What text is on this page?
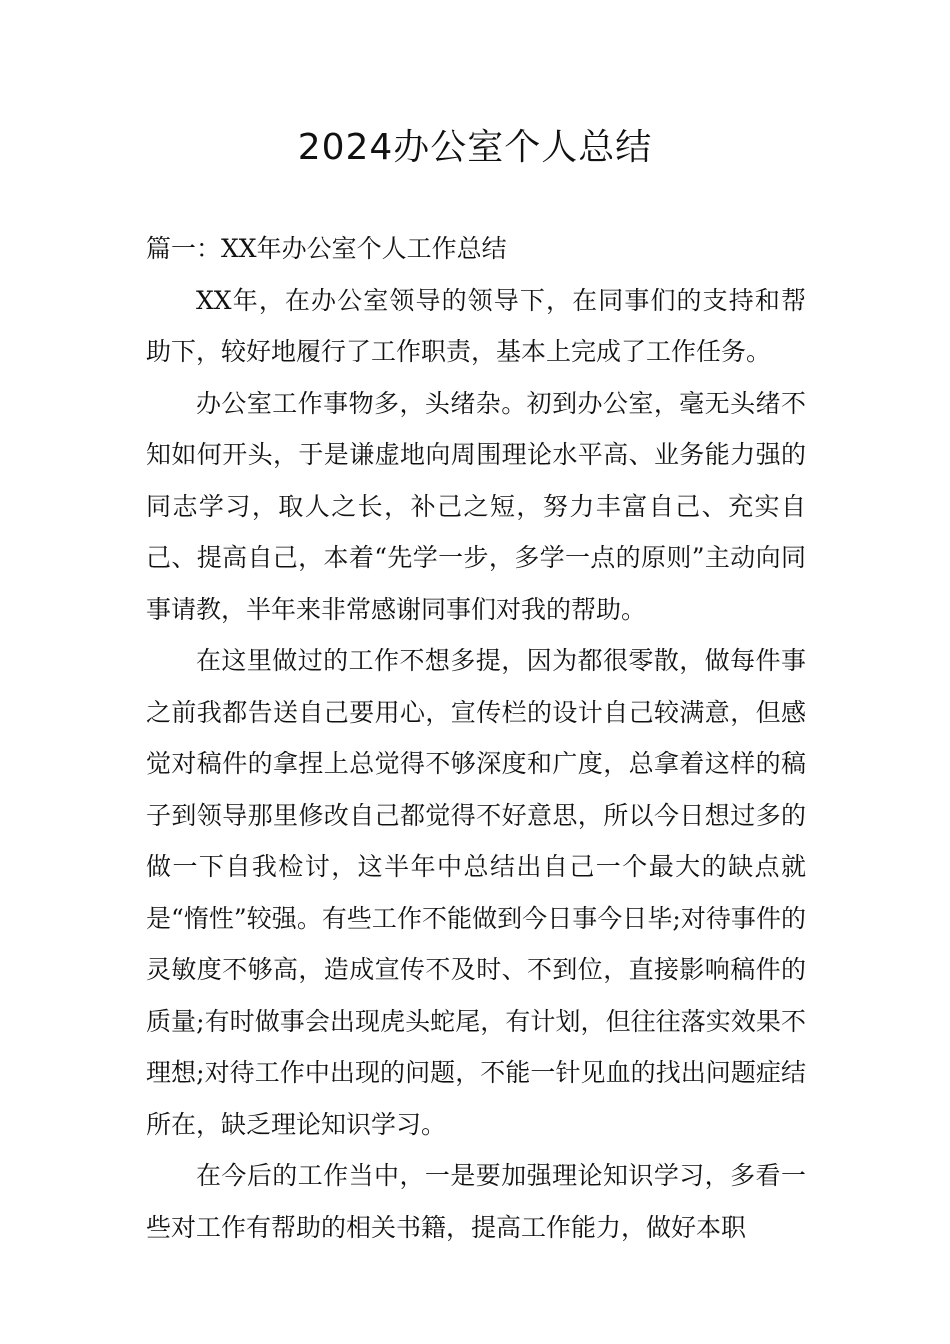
2024办公室个人总结

篇一：XX年办公室个人工作总结

XX年，在办公室领导的领导下，在同事们的支持和帮助下，较好地履行了工作职责，基本上完成了工作任务。

办公室工作事物多，头绪杂。初到办公室，毫无头绪不知如何开头，于是谦虚地向周围理论水平高、业务能力强的同志学习，取人之长，补己之短，努力丰富自己、充实自己、提高自己，本着“先学一步，多学一点的原则”主动向同事请教，半年来非常感谢同事们对我的帮助。

在这里做过的工作不想多提，因为都很零散，做每件事之前我都告送自己要用心，宣传栏的设计自己较满意，但感觉对稿件的拿捏上总觉得不够深度和广度，总拿着这样的稿子到领导那里修改自己都觉得不好意思，所以今日想过多的做一下自我检讨，这半年中总结出自己一个最大的缺点就是“惰性”较强。有些工作不能做到今日事今日毕;对待事件的灵敏度不够高，造成宣传不及时、不到位，直接影响稿件的质量;有时做事会出现虎头蛇尾，有计划，但往往落实效果不理想;对待工作中出现的问题，不能一针见血的找出问题症结所在，缺乏理论知识学习。

在今后的工作当中，一是要加强理论知识学习，多看一些对工作有帮助的相关书籍，提高工作能力，做好本职
